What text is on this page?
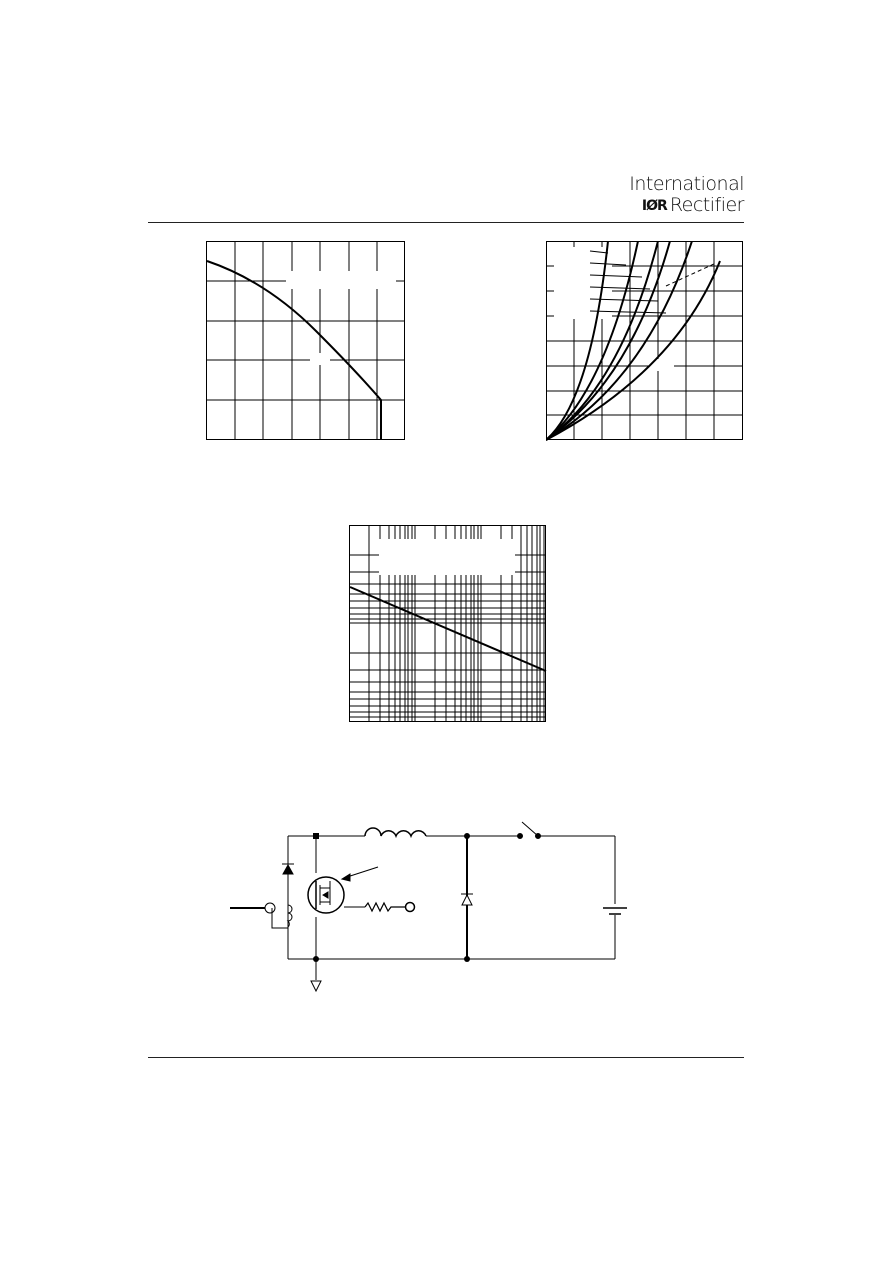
International
IØR Rectifier
